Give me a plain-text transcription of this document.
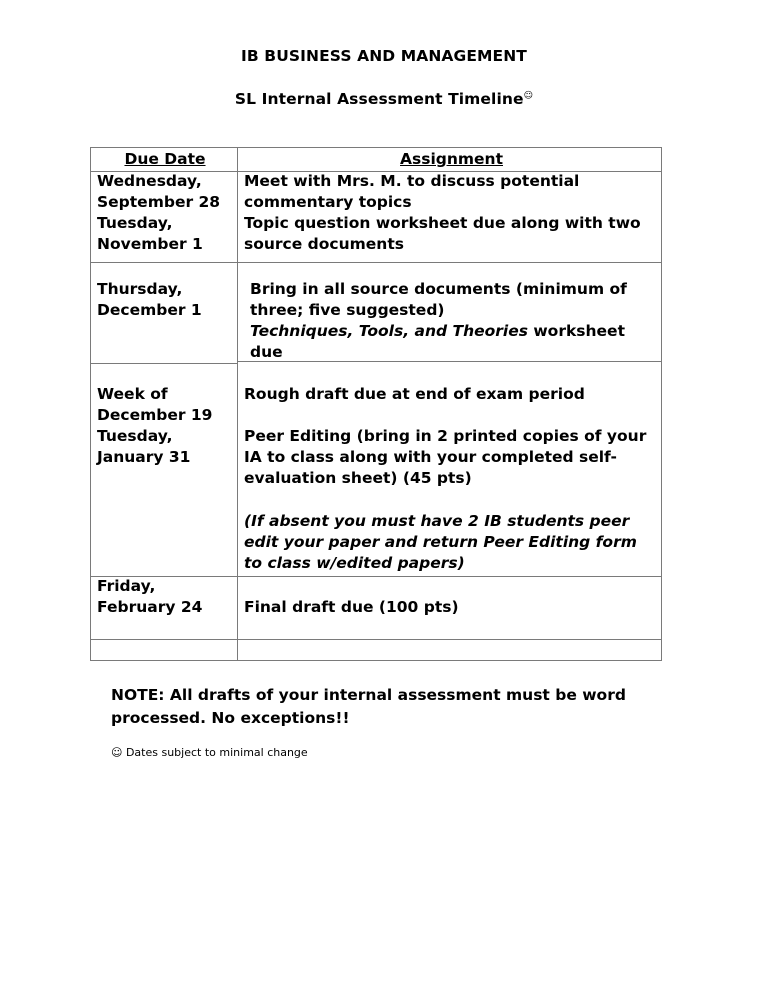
IB BUSINESS AND MANAGEMENT
SL Internal Assessment Timeline☺
Due Date	Assignment
Wednesday, September 28
Meet with Mrs. M. to discuss potential commentary topics
Tuesday, November 1
Topic question worksheet due along with two source documents
Thursday, December 1
Bring in all source documents (minimum of three; five suggested)
Techniques, Tools, and Theories worksheet due
Week of December 19
Rough draft due at end of exam period
Tuesday, January 31
Peer Editing (bring in 2 printed copies of your IA to class along with your completed self-evaluation sheet) (45 pts)
(If absent you must have 2 IB students peer edit your paper and return Peer Editing form to class w/edited papers)
Friday, February 24	Final draft due (100 pts)
NOTE: All drafts of your internal assessment must be word processed. No exceptions!!
☺ Dates subject to minimal change
